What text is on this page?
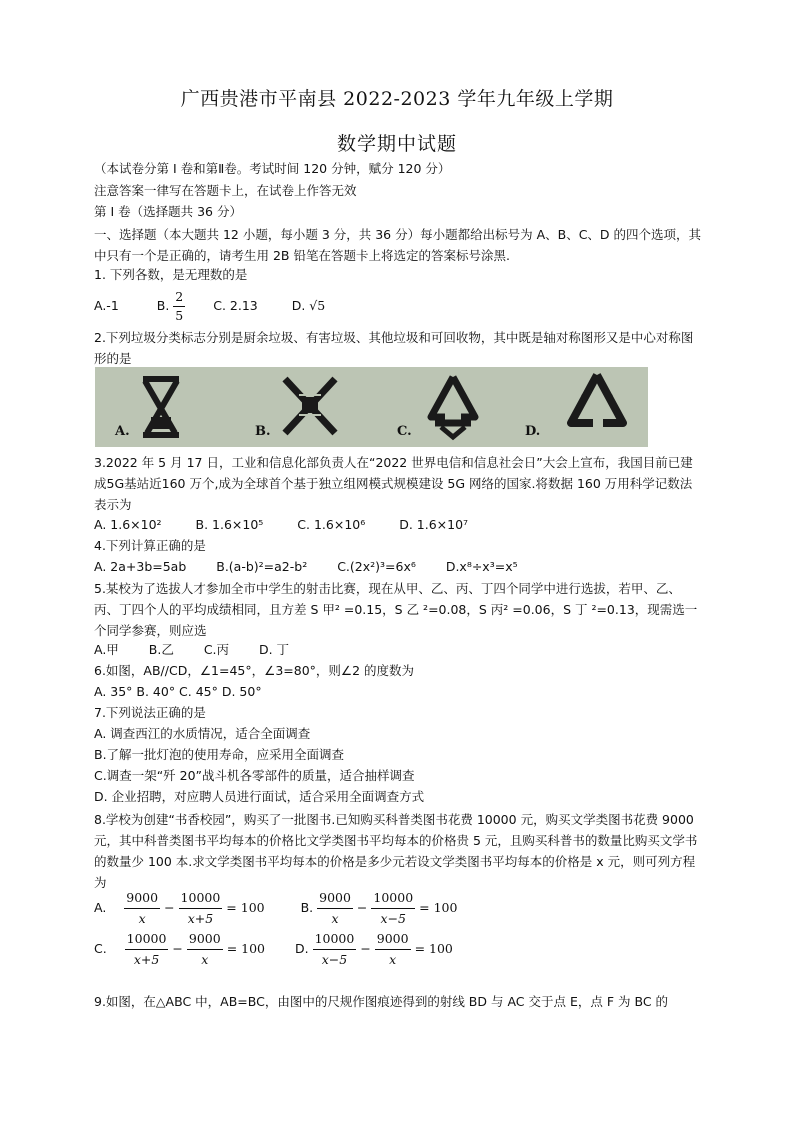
广西贵港市平南县 2022-2023 学年九年级上学期
数学期中试题
（本试卷分第 I 卷和第Ⅱ卷。考试时间 120 分钟，赋分 120 分）
注意答案一律写在答题卡上，在试卷上作答无效
第 I 卷（选择题共 36 分）
一、选择题（本大题共 12 小题，每小题 3 分，共 36 分）每小题都给出标号为 A、B、C、D 的四个选项，其中只有一个是正确的，请考生用 2B 铅笔在答题卡上将选定的答案标号涂黑.
1. 下列各数，是无理数的是
A.-1	B. $\frac{2}{5} C$. 2.13	D. √5
2.下列垃圾分类标志分别是厨余垃圾、有害垃圾、其他垃圾和可回收物，其中既是轴对称图形又是中心对称图形的是
A.	B.	C.	D.
3.2022 年 5 月 17 日，工业和信息化部负责人在“2022 世界电信和信息社会日”大会上宣布，我国目前已建成5G基站近160 万个,成为全球首个基于独立组网模式规模建设 5G 网络的国家.将数据 160 万用科学记数法表示为
A. 1.6×10²	B. 1.6×10⁵	C. 1.6×10⁶	D. 1.6×10⁷
4.下列计算正确的是
A. 2a+3b=5ab B.(a-b)²=a2-b² C.(2x²)³=6x⁶ D.x⁸÷x³=x⁵
5.某校为了选拔人才参加全市中学生的射击比赛，现在从甲、乙、丙、丁四个同学中进行选拔，若甲、乙、丙、丁四个人的平均成绩相同，且方差 S 甲² =0.15，S 乙 ²=0.08，S 丙² =0.06，S 丁 ²=0.13，现需选一个同学参赛，则应选
A.甲 B.乙 C.丙 D. 丁
6.如图，AB//CD，∠1=45°，∠3=80°，则∠2 的度数为
A. 35° B. 40° C. 45° D. 50°
7.下列说法正确的是
A. 调查西江的水质情况，适合全面调查
B.了解一批灯泡的使用寿命，应采用全面调查
C.调查一架“歼 20”战斗机各零部件的质量，适合抽样调查
D. 企业招聘，对应聘人员进行面试，适合采用全面调查方式
8.学校为创建“书香校园”，购买了一批图书.已知购买科普类图书花费 10000 元，购买文学类图书花费 9000 元，其中科普类图书平均每本的价格比文学类图书平均每本的价格贵 5 元，且购买科普书的数量比购买文学书的数量少 100 本.求文学类图书平均每本的价格是多少元若设文学类图书平均每本的价格是 x 元，则可列方程为
A. $\frac{9000}{x} - \frac{10000}{x+5} = 100$	B. $\frac{9000}{x} - \frac{10000}{x-5} = 100$
C. $\frac{10000}{x+5} - \frac{9000}{x} = 100$ D. $\frac{10000}{x-5} - \frac{9000}{x} = 100$
9.如图，在△ABC 中，AB=BC，由图中的尺规作图痕迹得到的射线 BD 与 AC 交于点 E，点 F 为 BC 的
